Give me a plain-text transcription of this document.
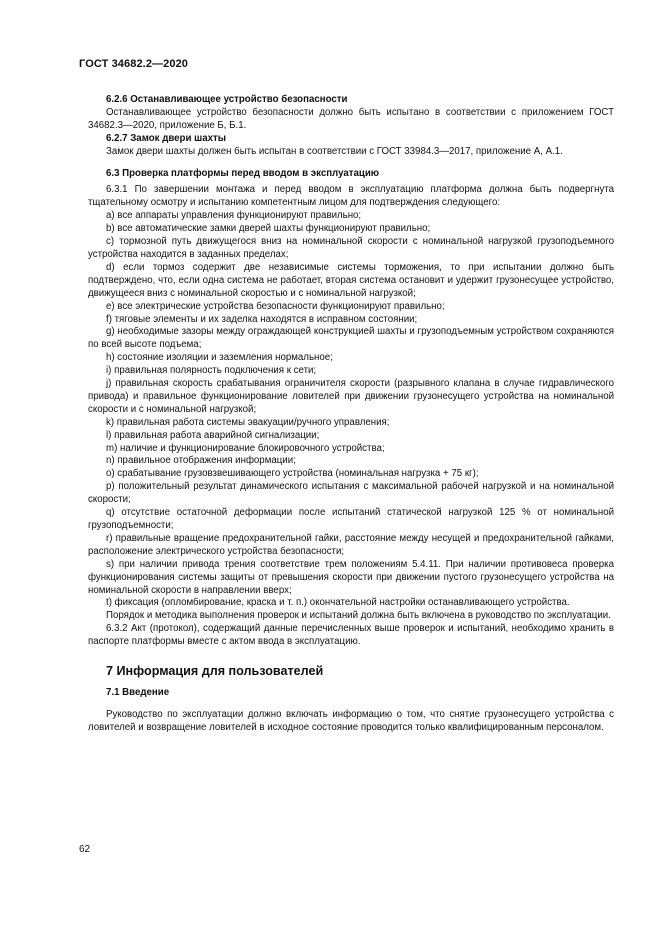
ГОСТ 34682.2—2020

6.2.6 Останавливающее устройство безопасности

Останавливающее устройство безопасности должно быть испытано в соответствии с приложением ГОСТ 34682.3—2020, приложение Б, Б.1.

6.2.7 Замок двери шахты

Замок двери шахты должен быть испытан в соответствии с ГОСТ 33984.3—2017, приложение А, А.1.

6.3 Проверка платформы перед вводом в эксплуатацию

6.3.1 По завершении монтажа и перед вводом в эксплуатацию платформа должна быть подвергнута тщательному осмотру и испытанию компетентным лицом для подтверждения следующего:

a) все аппараты управления функционируют правильно;
b) все автоматические замки дверей шахты функционируют правильно;
c) тормозной путь движущегося вниз на номинальной скорости с номинальной нагрузкой грузоподъемного устройства находится в заданных пределах;
d) если тормоз содержит две независимые системы торможения, то при испытании должно быть подтверждено, что, если одна система не работает, вторая система остановит и удержит грузонесущее устройство, движущееся вниз с номинальной скоростью и с номинальной нагрузкой;
e) все электрические устройства безопасности функционируют правильно;
f) тяговые элементы и их заделка находятся в исправном состоянии;
g) необходимые зазоры между ограждающей конструкцией шахты и грузоподъемным устройством сохраняются по всей высоте подъема;
h) состояние изоляции и заземления нормальное;
i) правильная полярность подключения к сети;
j) правильная скорость срабатывания ограничителя скорости (разрывного клапана в случае гидравлического привода) и правильное функционирование ловителей при движении грузонесущего устройства на номинальной скорости и с номинальной нагрузкой;
k) правильная работа системы эвакуации/ручного управления;
l) правильная работа аварийной сигнализации;
m) наличие и функционирование блокировочного устройства;
n) правильное отображения информации;
o) срабатывание грузовзвешивающего устройства (номинальная нагрузка + 75 кг);
p) положительный результат динамического испытания с максимальной рабочей нагрузкой и на номинальной скорости;
q) отсутствие остаточной деформации после испытаний статической нагрузкой 125 % от номинальной грузоподъемности;
r) правильные вращение предохранительной гайки, расстояние между несущей и предохранительной гайками, расположение электрического устройства безопасности;
s) при наличии привода трения соответствие трем положениям 5.4.11. При наличии противовеса проверка функционирования системы защиты от превышения скорости при движении пустого грузонесущего устройства на номинальной скорости в направлении вверх;
t) фиксация (опломбирование, краска и т. п.) окончательной настройки останавливающего устройства.

Порядок и методика выполнения проверок и испытаний должна быть включена в руководство по эксплуатации.

6.3.2 Акт (протокол), содержащий данные перечисленных выше проверок и испытаний, необходимо хранить в паспорте платформы вместе с актом ввода в эксплуатацию.

7 Информация для пользователей

7.1 Введение

Руководство по эксплуатации должно включать информацию о том, что снятие грузонесущего устройства с ловителей и возвращение ловителей в исходное состояние проводится только квалифицированным персоналом.

62
